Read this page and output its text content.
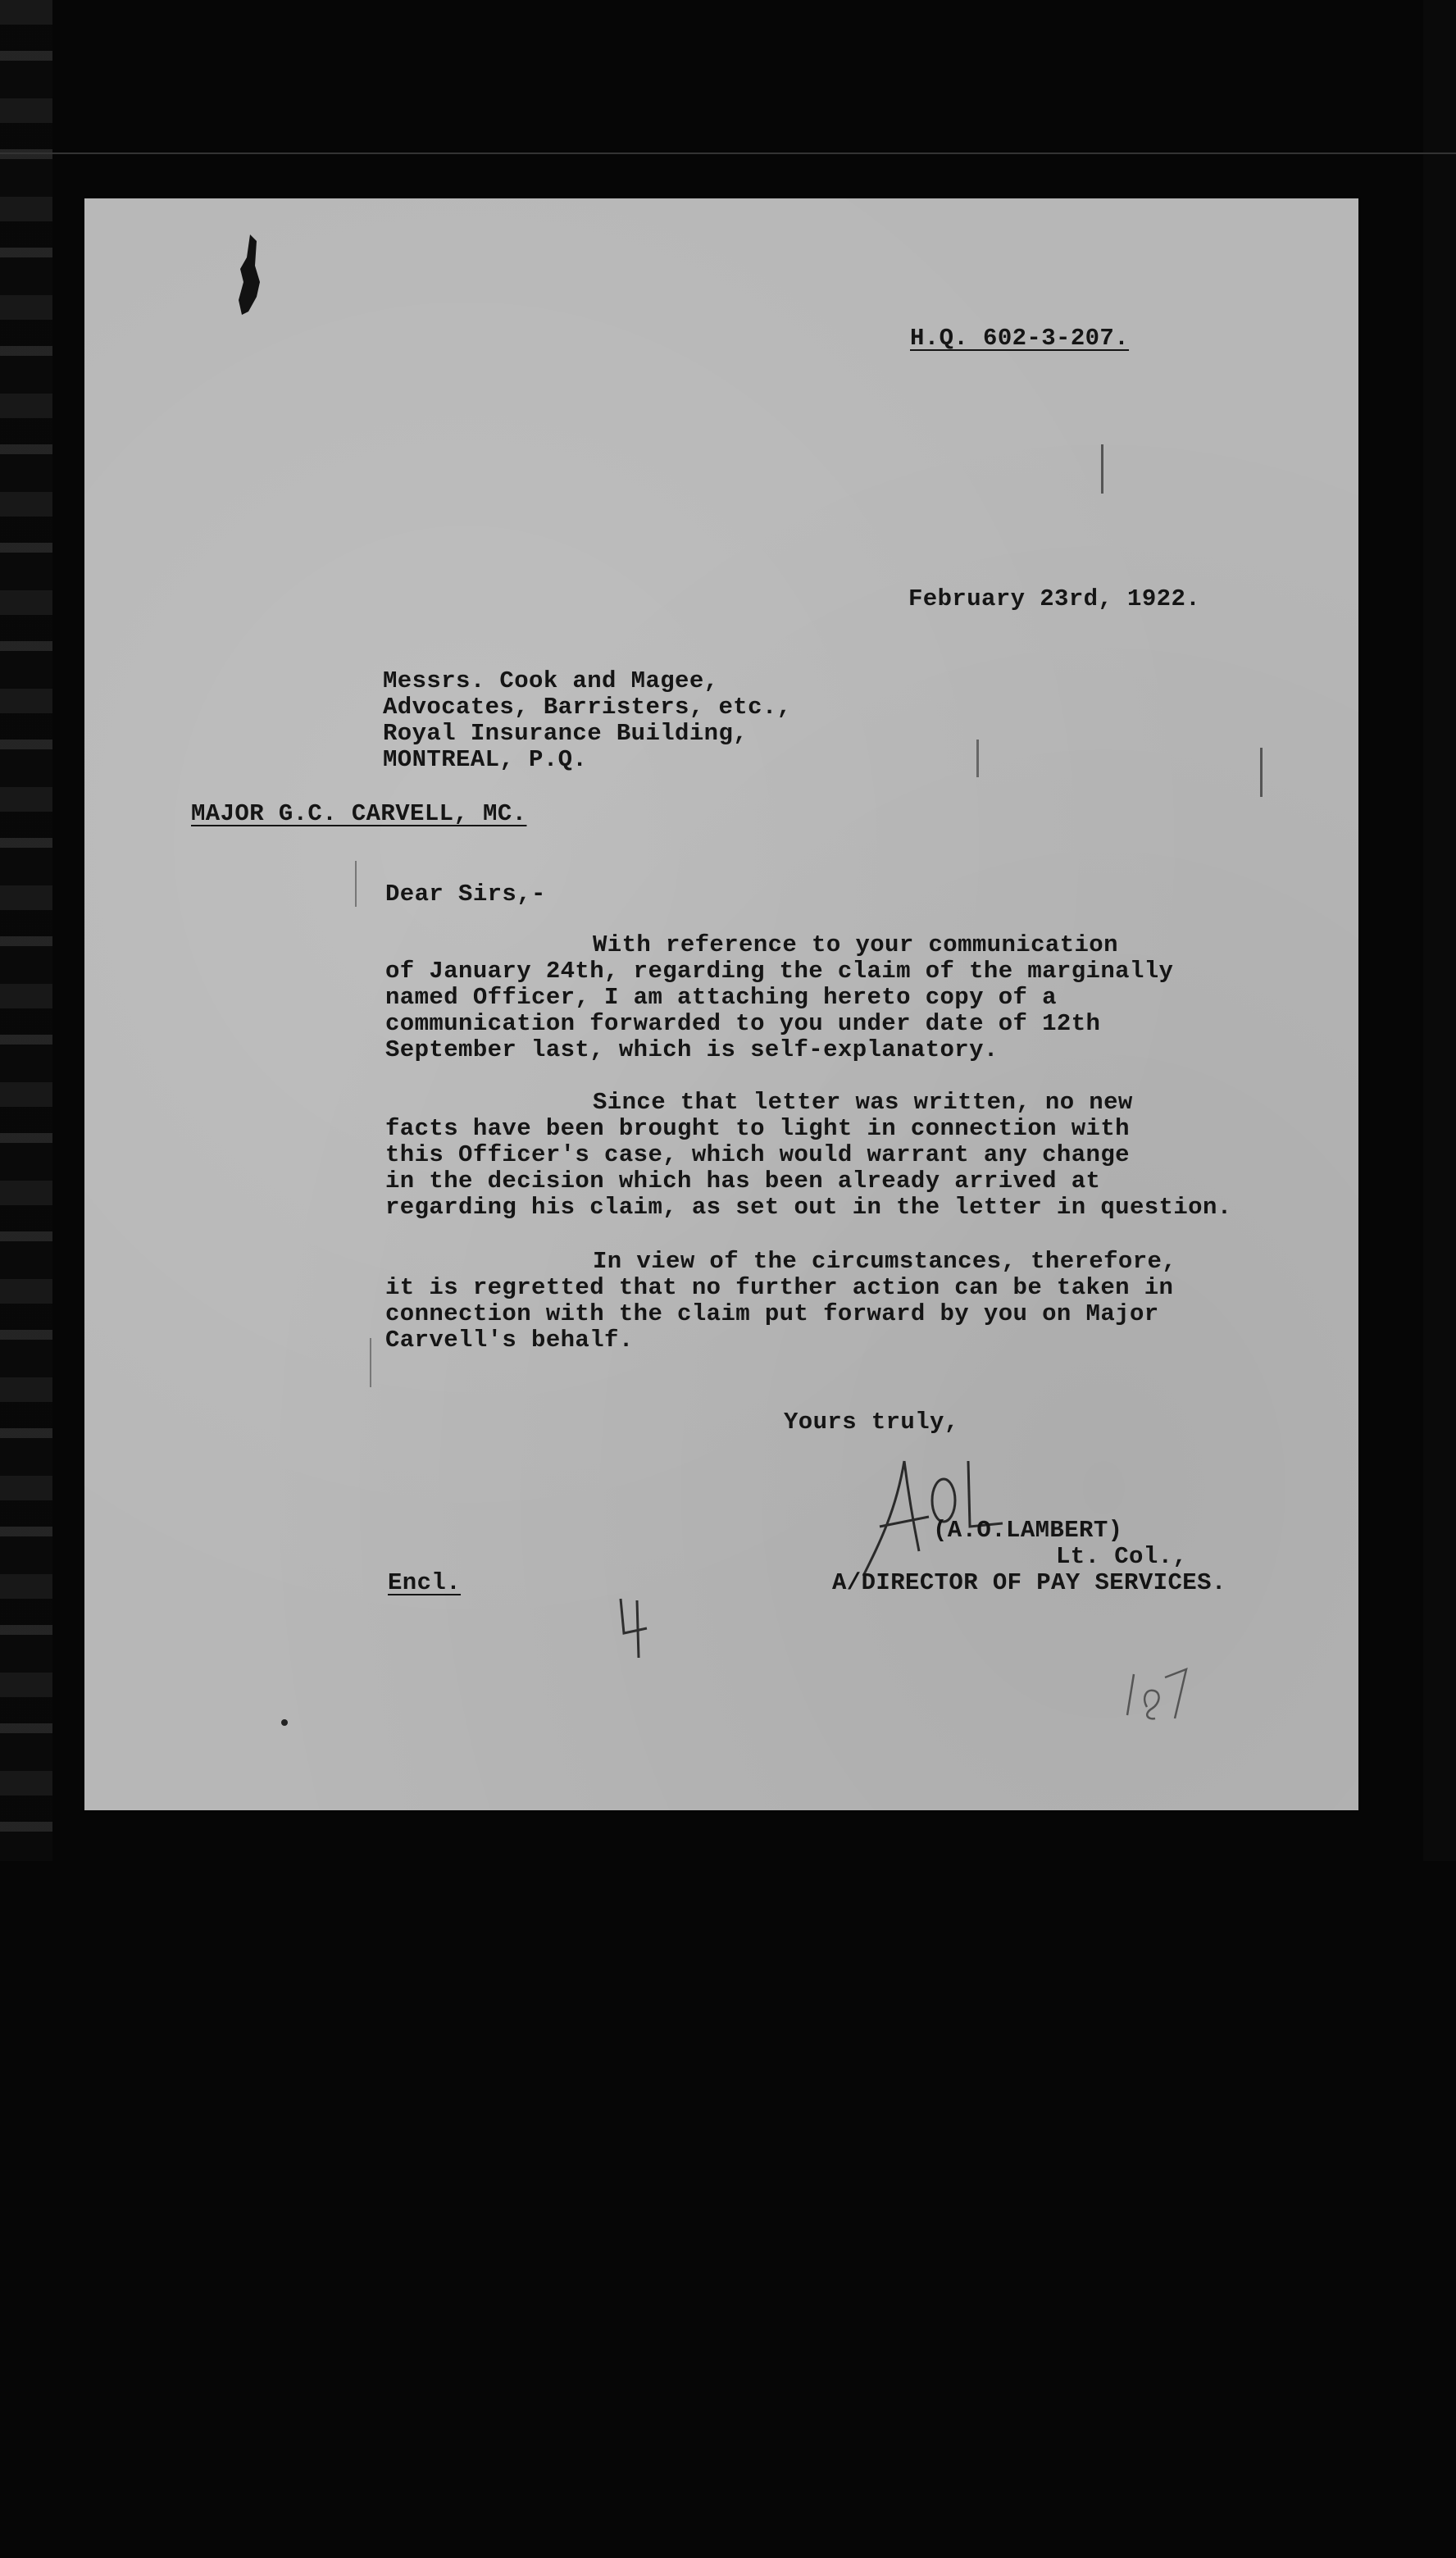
H.Q. 602-3-207.
February 23rd, 1922.
Messrs. Cook and Magee,
Advocates, Barristers, etc.,
Royal Insurance Building,
MONTREAL, P.Q.
MAJOR G.C. CARVELL, MC.
Dear Sirs,-
With reference to your communication
of January 24th, regarding the claim of the marginally
named Officer, I am attaching hereto copy of a
communication forwarded to you under date of 12th
September last, which is self-explanatory.
Since that letter was written, no new
facts have been brought to light in connection with
this Officer's case, which would warrant any change
in the decision which has been already arrived at
regarding his claim, as set out in the letter in question.
In view of the circumstances, therefore,
it is regretted that no further action can be taken in
connection with the claim put forward by you on Major
Carvell's behalf.
Yours truly,
(A.O.LAMBERT)
Lt. Col.,
A/DIRECTOR OF PAY SERVICES.
Encl.
